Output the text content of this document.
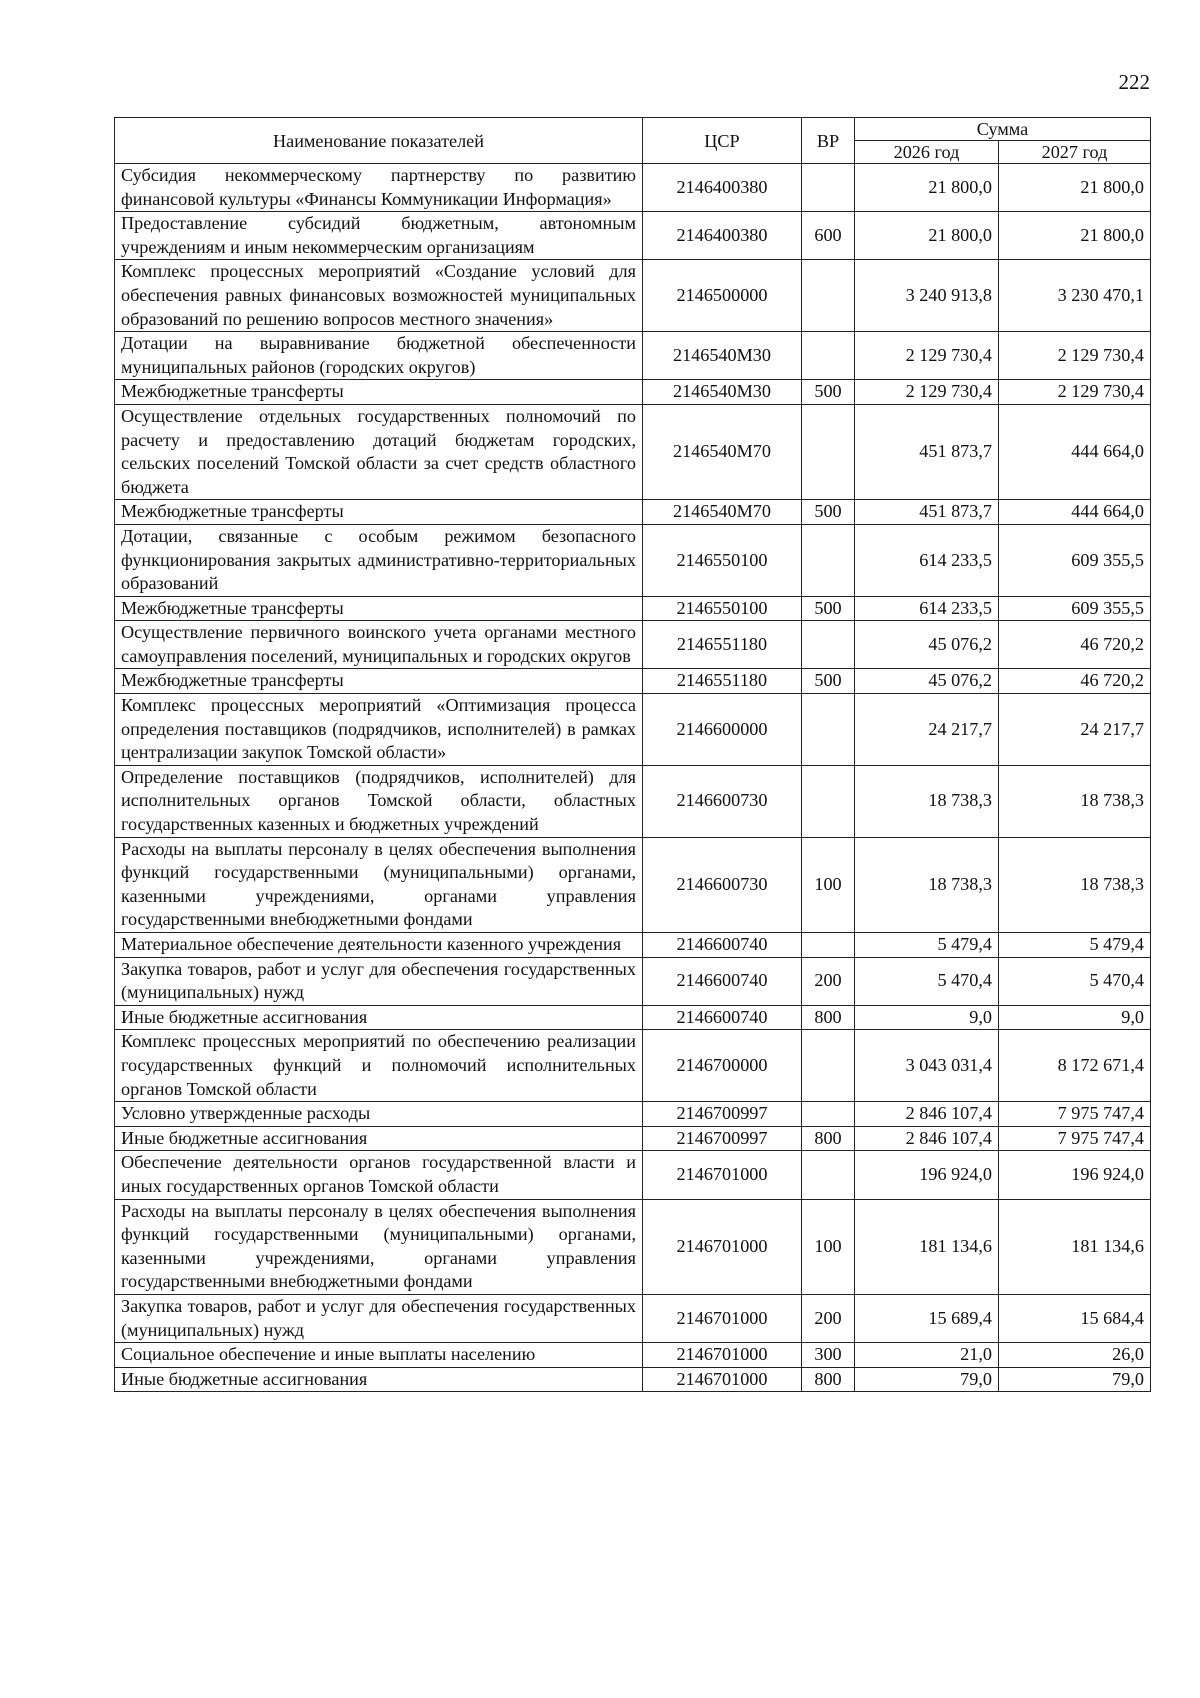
222
Наименование показателей	ЦСР	ВР	Сумма	
			2026 год	2027 год
Субсидия некоммерческому партнерству по развитию финансовой культуры «Финансы Коммуникации Информация»	2146400380		21 800,0	21 800,0
Предоставление субсидий бюджетным, автономным учреждениям и иным некоммерческим организациям	2146400380	600	21 800,0	21 800,0
Комплекс процессных мероприятий «Создание условий для обеспечения равных финансовых возможностей муниципальных образований по решению вопросов местного значения»	2146500000		3 240 913,8	3 230 470,1
Дотации на выравнивание бюджетной обеспеченности муниципальных районов (городских округов)	2146540М30		2 129 730,4	2 129 730,4
Межбюджетные трансферты	2146540М30	500	2 129 730,4	2 129 730,4
Осуществление отдельных государственных полномочий по расчету и предоставлению дотаций бюджетам городских, сельских поселений Томской области за счет средств областного бюджета	2146540М70		451 873,7	444 664,0
Межбюджетные трансферты	2146540М70	500	451 873,7	444 664,0
Дотации, связанные с особым режимом безопасного функционирования закрытых административно-территориальных образований	2146550100		614 233,5	609 355,5
Межбюджетные трансферты	2146550100	500	614 233,5	609 355,5
Осуществление первичного воинского учета органами местного самоуправления поселений, муниципальных и городских округов	2146551180		45 076,2	46 720,2
Межбюджетные трансферты	2146551180	500	45 076,2	46 720,2
Комплекс процессных мероприятий «Оптимизация процесса определения поставщиков (подрядчиков, исполнителей) в рамках централизации закупок Томской области»	2146600000		24 217,7	24 217,7
Определение поставщиков (подрядчиков, исполнителей) для исполнительных органов Томской области, областных государственных казенных и бюджетных учреждений	2146600730		18 738,3	18 738,3
Расходы на выплаты персоналу в целях обеспечения выполнения функций государственными (муниципальными) органами, казенными учреждениями, органами управления государственными внебюджетными фондами	2146600730	100	18 738,3	18 738,3
Материальное обеспечение деятельности казенного учреждения	2146600740		5 479,4	5 479,4
Закупка товаров, работ и услуг для обеспечения государственных (муниципальных) нужд	2146600740	200	5 470,4	5 470,4
Иные бюджетные ассигнования	2146600740	800	9,0	9,0
Комплекс процессных мероприятий по обеспечению реализации государственных функций и полномочий исполнительных органов Томской области	2146700000		3 043 031,4	8 172 671,4
Условно утвержденные расходы	2146700997		2 846 107,4	7 975 747,4
Иные бюджетные ассигнования	2146700997	800	2 846 107,4	7 975 747,4
Обеспечение деятельности органов государственной власти и иных государственных органов Томской области	2146701000		196 924,0	196 924,0
Расходы на выплаты персоналу в целях обеспечения выполнения функций государственными (муниципальными) органами, казенными учреждениями, органами управления государственными внебюджетными фондами	2146701000	100	181 134,6	181 134,6
Закупка товаров, работ и услуг для обеспечения государственных (муниципальных) нужд	2146701000	200	15 689,4	15 684,4
Социальное обеспечение и иные выплаты населению	2146701000	300	21,0	26,0
Иные бюджетные ассигнования	2146701000	800	79,0	79,0
